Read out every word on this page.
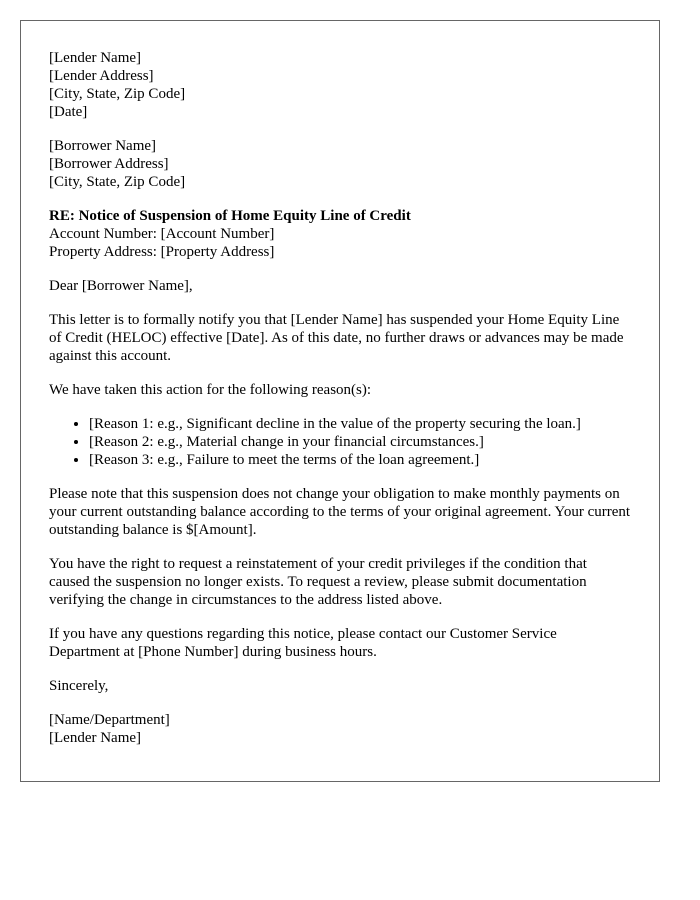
[Lender Name]
[Lender Address]
[City, State, Zip Code]
[Date]
[Borrower Name]
[Borrower Address]
[City, State, Zip Code]
RE: Notice of Suspension of Home Equity Line of Credit
Account Number: [Account Number]
Property Address: [Property Address]

Dear [Borrower Name],

This letter is to formally notify you that [Lender Name] has suspended your Home Equity Line of Credit (HELOC) effective [Date]. As of this date, no further draws or advances may be made against this account.

We have taken this action for the following reason(s):

• [Reason 1: e.g., Significant decline in the value of the property securing the loan.]
• [Reason 2: e.g., Material change in your financial circumstances.]
• [Reason 3: e.g., Failure to meet the terms of the loan agreement.]

Please note that this suspension does not change your obligation to make monthly payments on your current outstanding balance according to the terms of your original agreement. Your current outstanding balance is $[Amount].

You have the right to request a reinstatement of your credit privileges if the condition that caused the suspension no longer exists. To request a review, please submit documentation verifying the change in circumstances to the address listed above.

If you have any questions regarding this notice, please contact our Customer Service Department at [Phone Number] during business hours.

Sincerely,

[Name/Department]
[Lender Name]
